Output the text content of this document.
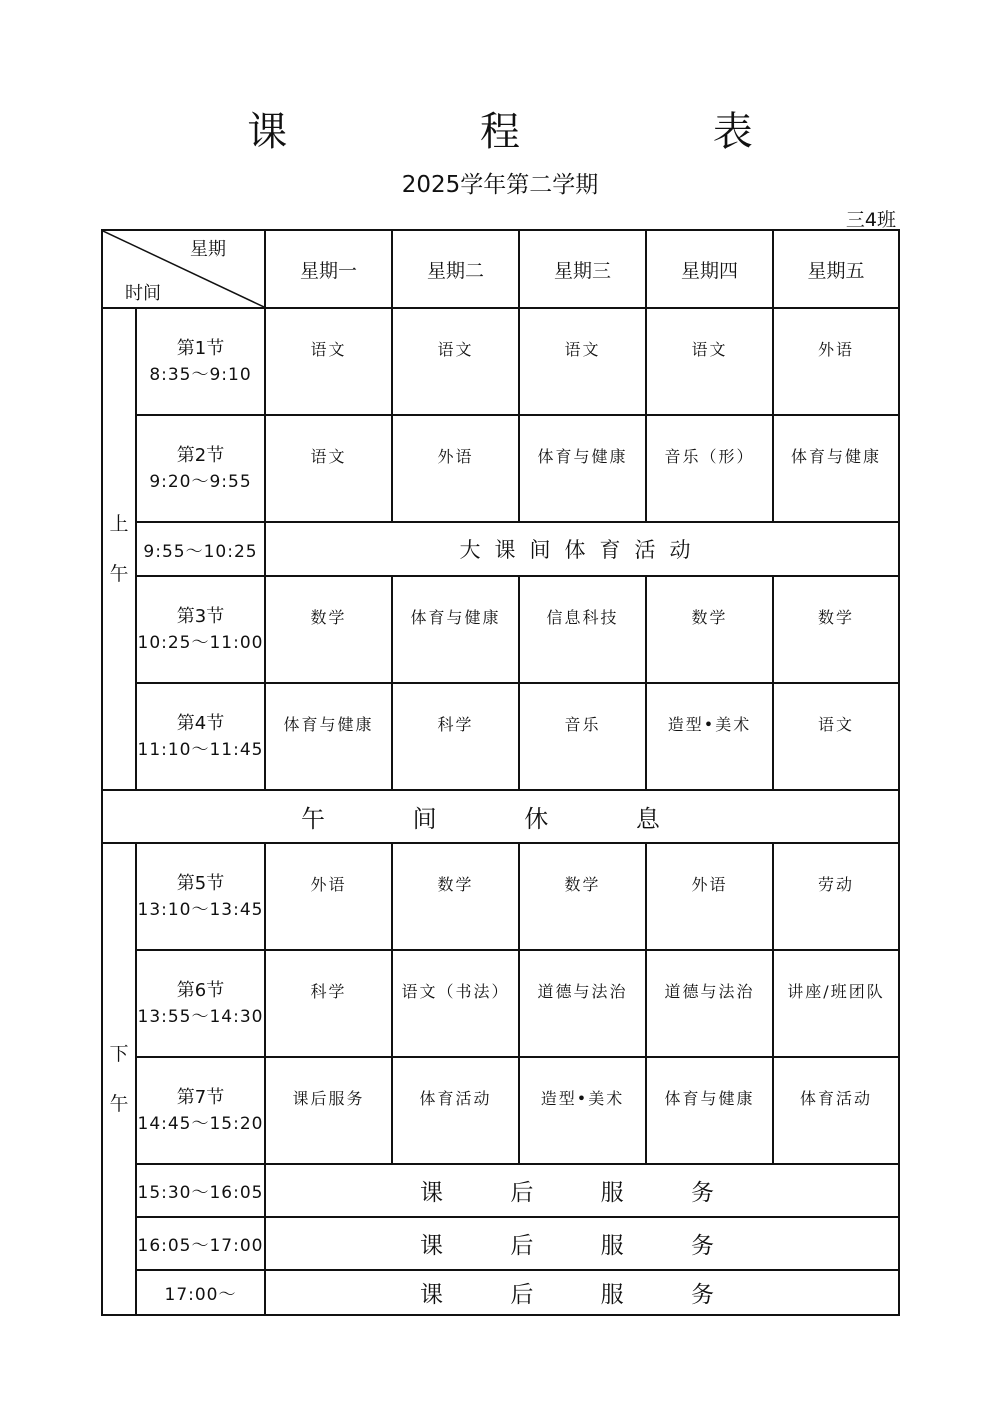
课 程 表
2025学年第二学期
三4班
星期
时间		星期一	星期二	星期三	星期四	星期五

上
午	第1节
8:35～9:10	语文	语文	语文	语文	外语

	第2节
9:20～9:55	语文	外语	体育与健康	音乐（形）	体育与健康
	9:55～10:25	大课间体育活动				

	第3节
10:25～11:00	数学	体育与健康	信息科技	数学	数学

	第4节
11:10～11:45	体育与健康	科学	音乐	造型•美术	语文
午 间 休 息						

下
午	第5节
13:10～13:45	外语	数学	数学	外语	劳动

	第6节
13:55～14:30	科学	语文（书法）	道德与法治	道德与法治	讲座/班团队

	第7节
14:45～15:20	课后服务	体育活动	造型•美术	体育与健康	体育活动
	15:30～16:05	课 后 服 务				
	16:05～17:00	课 后 服 务				
	17:00～	课 后 服 务				
